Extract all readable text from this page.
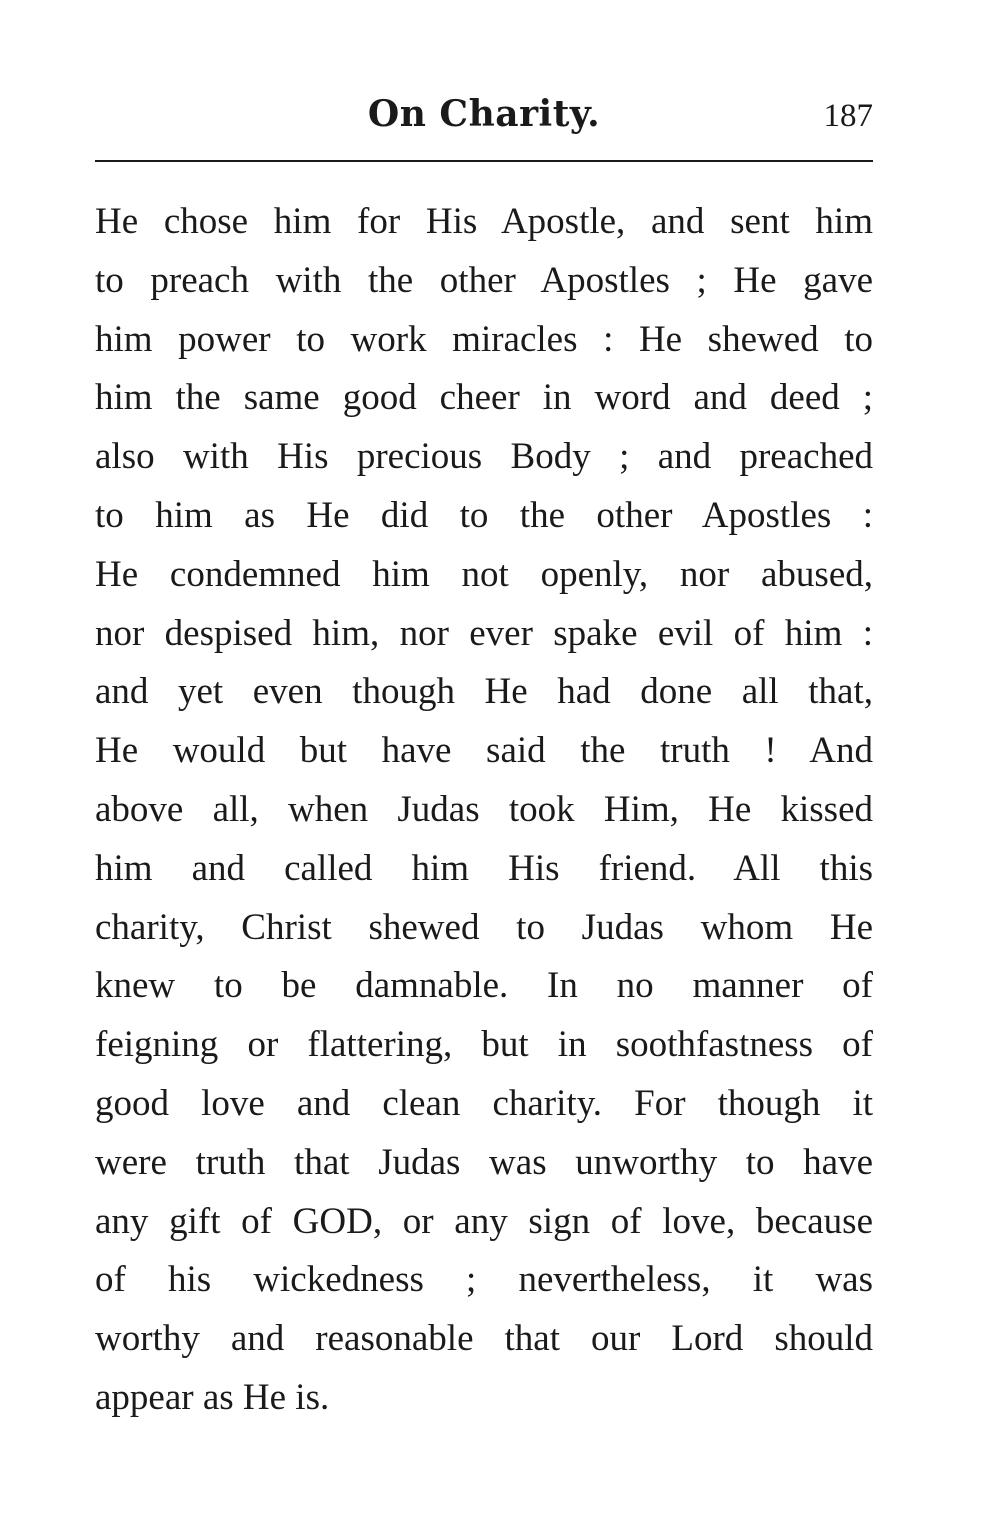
On Charity.	187
He chose him for His Apostle, and sent him
to preach with the other Apostles ; He gave
him power to work miracles : He shewed to
him the same good cheer in word and deed ;
also with His precious Body ; and preached
to him as He did to the other Apostles :
He condemned him not openly, nor abused,
nor despised him, nor ever spake evil of him :
and yet even though He had done all that,
He would but have said the truth ! And
above all, when Judas took Him, He kissed
him and called him His friend. All this
charity, Christ shewed to Judas whom He
knew to be damnable. In no manner of
feigning or flattering, but in soothfastness of
good love and clean charity. For though it
were truth that Judas was unworthy to have
any gift of GOD, or any sign of love, because
of his wickedness ; nevertheless, it was
worthy and reasonable that our Lord should
appear as He is.
